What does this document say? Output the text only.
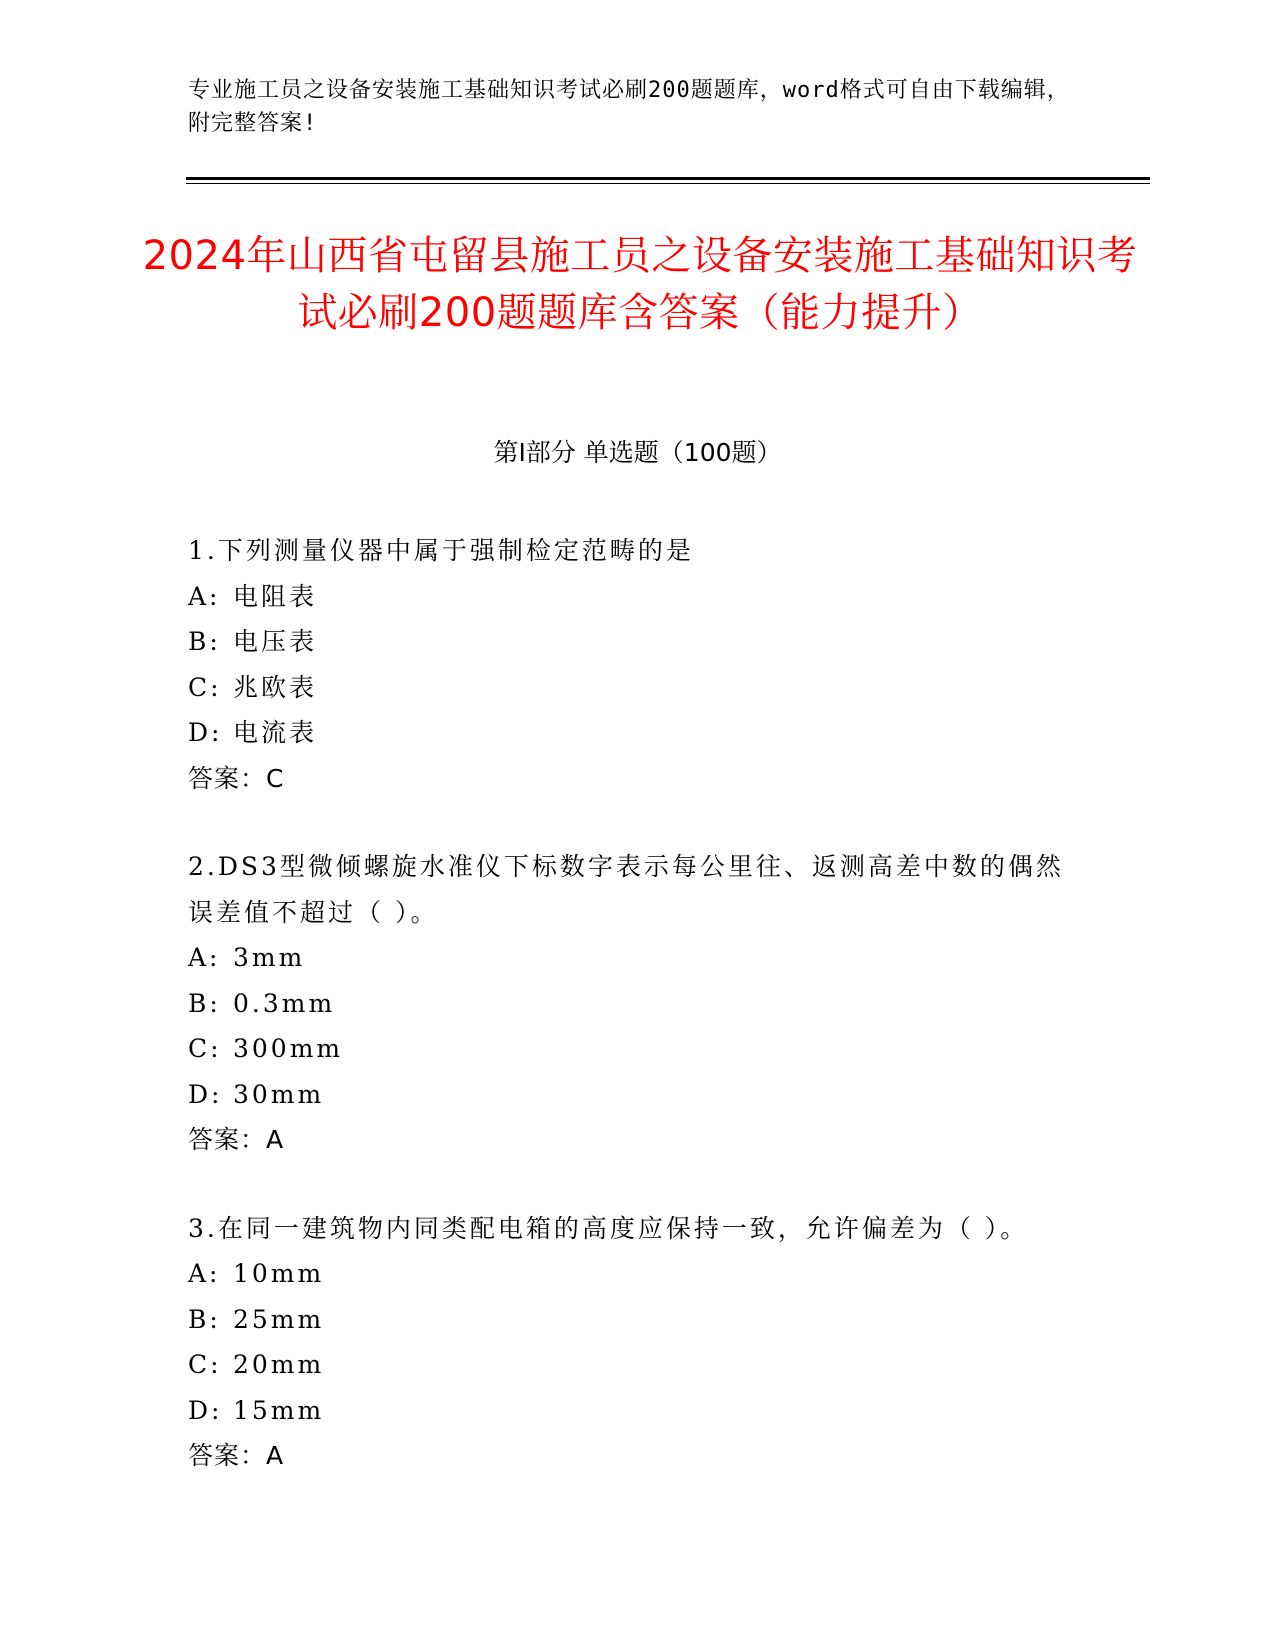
专业施工员之设备安装施工基础知识考试必刷200题题库，word格式可自由下载编辑，附完整答案!
2024年山西省屯留县施工员之设备安装施工基础知识考试必刷200题题库含答案（能力提升）
第Ⅰ部分 单选题（100题）
1.下列测量仪器中属于强制检定范畴的是
A: 电阻表
B: 电压表
C: 兆欧表
D: 电流表
答案：C
2.DS3型微倾螺旋水准仪下标数字表示每公里往、返测高差中数的偶然误差值不超过（ ）。
A: 3mm
B: 0.3mm
C: 300mm
D: 30mm
答案：A
3.在同一建筑物内同类配电箱的高度应保持一致，允许偏差为（ ）。
A: 10mm
B: 25mm
C: 20mm
D: 15mm
答案：A
